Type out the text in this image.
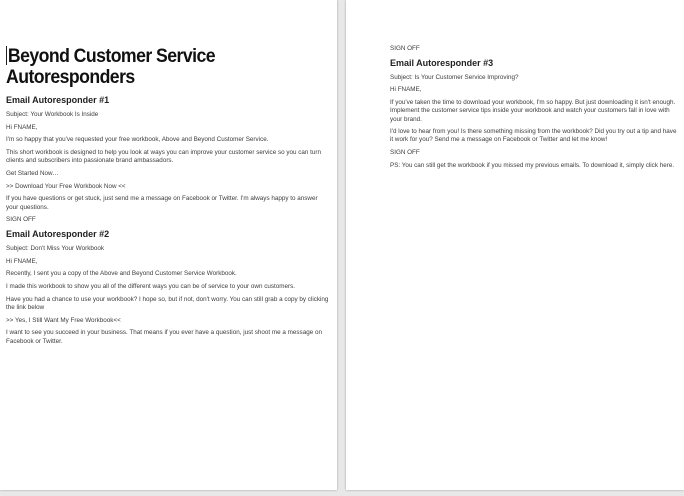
Beyond Customer Service Autoresponders
Email Autoresponder #1

Subject: Your Workbook Is Inside

Hi FNAME,

I'm so happy that you've requested your free workbook, Above and Beyond Customer Service.

This short workbook is designed to help you look at ways you can improve your customer service so you can turn clients and subscribers into passionate brand ambassadors.

Get Started Now…

>> Download Your Free Workbook Now <<

If you have questions or get stuck, just send me a message on Facebook or Twitter. I'm always happy to answer your questions.

SIGN OFF

Email Autoresponder #2

Subject: Don't Miss Your Workbook

Hi FNAME,

Recently, I sent you a copy of the Above and Beyond Customer Service Workbook.

I made this workbook to show you all of the different ways you can be of service to your own customers.

Have you had a chance to use your workbook? I hope so, but if not, don't worry. You can still grab a copy by clicking the link below

>> Yes, I Still Want My Free Workbook<<

I want to see you succeed in your business. That means if you ever have a question, just shoot me a message on Facebook or Twitter.

SIGN OFF

Email Autoresponder #3

Subject: Is Your Customer Service Improving?

Hi FNAME,

If you've taken the time to download your workbook, I'm so happy. But just downloading it isn't enough. Implement the customer service tips inside your workbook and watch your customers fall in love with your brand.

I'd love to hear from you! Is there something missing from the workbook? Did you try out a tip and have it work for you? Send me a message on Facebook or Twitter and let me know!

SIGN OFF

PS: You can still get the workbook if you missed my previous emails. To download it, simply click here.
